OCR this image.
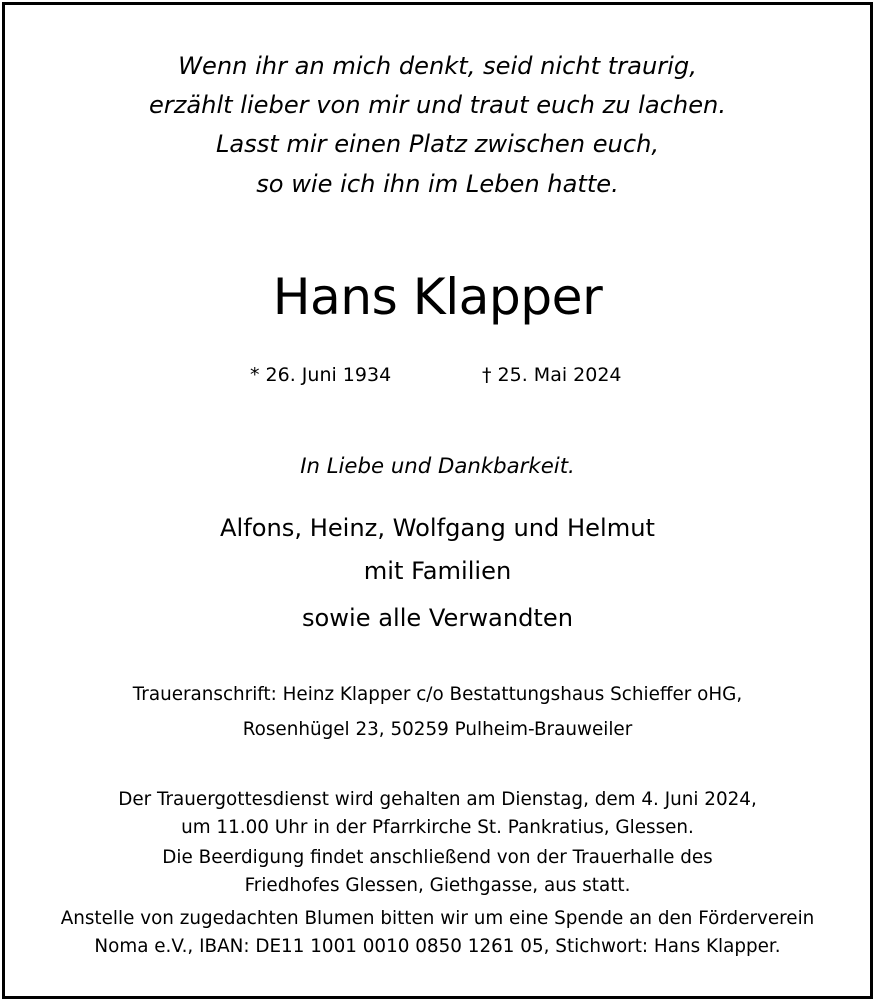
Wenn ihr an mich denkt, seid nicht traurig,
erzählt lieber von mir und traut euch zu lachen.
Lasst mir einen Platz zwischen euch,
so wie ich ihn im Leben hatte.
Hans Klapper
* 26. Juni 1934	† 25. Mai 2024
In Liebe und Dankbarkeit.
Alfons, Heinz, Wolfgang und Helmut
mit Familien
sowie alle Verwandten
Traueranschrift: Heinz Klapper c/o Bestattungshaus Schieffer oHG,
Rosenhügel 23, 50259 Pulheim-Brauweiler
Der Trauergottesdienst wird gehalten am Dienstag, dem 4. Juni 2024,
um 11.00 Uhr in der Pfarrkirche St. Pankratius, Glessen.
Die Beerdigung findet anschließend von der Trauerhalle des
Friedhofes Glessen, Giethgasse, aus statt.
Anstelle von zugedachten Blumen bitten wir um eine Spende an den Förderverein
Noma e.V., IBAN: DE11 1001 0010 0850 1261 05, Stichwort: Hans Klapper.
